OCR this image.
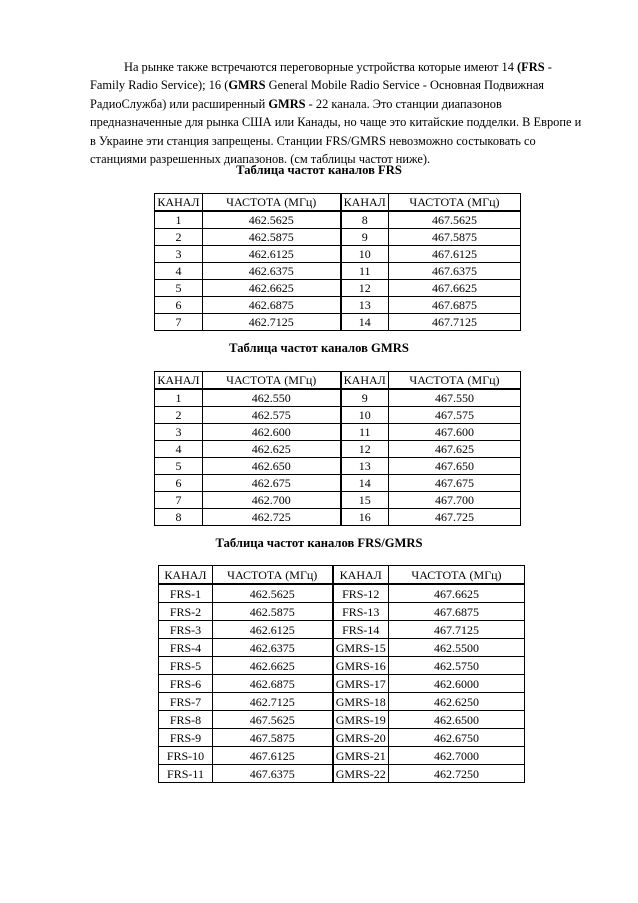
На рынке также встречаются переговорные устройства которые имеют 14 (FRS - Family Radio Service); 16 (GMRS General Mobile Radio Service - Основная Подвижная РадиоСлужба) или расширенный GMRS - 22 канала. Это станции диапазонов предназначенные для рынка США или Канады, но чаще это китайские подделки. В Европе и в Украине эти станция запрещены. Станции FRS/GMRS невозможно состыковать со станциями разрешенных диапазонов. (см таблицы частот ниже).

Таблица частот каналов FRS

КАНАЛ	ЧАСТОТА (МГц)	КАНАЛ	ЧАСТОТА (МГц)
1	462.5625	8	467.5625
2	462.5875	9	467.5875
3	462.6125	10	467.6125
4	462.6375	11	467.6375
5	462.6625	12	467.6625
6	462.6875	13	467.6875
7	462.7125	14	467.7125

Таблица частот каналов GMRS

КАНАЛ	ЧАСТОТА (МГц)	КАНАЛ	ЧАСТОТА (МГц)
1	462.550	9	467.550
2	462.575	10	467.575
3	462.600	11	467.600
4	462.625	12	467.625
5	462.650	13	467.650
6	462.675	14	467.675
7	462.700	15	467.700
8	462.725	16	467.725

Таблица частот каналов FRS/GMRS

КАНАЛ	ЧАСТОТА (МГц)	КАНАЛ	ЧАСТОТА (МГц)
FRS-1	462.5625	FRS-12	467.6625
FRS-2	462.5875	FRS-13	467.6875
FRS-3	462.6125	FRS-14	467.7125
FRS-4	462.6375	GMRS-15	462.5500
FRS-5	462.6625	GMRS-16	462.5750
FRS-6	462.6875	GMRS-17	462.6000
FRS-7	462.7125	GMRS-18	462.6250
FRS-8	467.5625	GMRS-19	462.6500
FRS-9	467.5875	GMRS-20	462.6750
FRS-10	467.6125	GMRS-21	462.7000
FRS-11	467.6375	GMRS-22	462.7250
